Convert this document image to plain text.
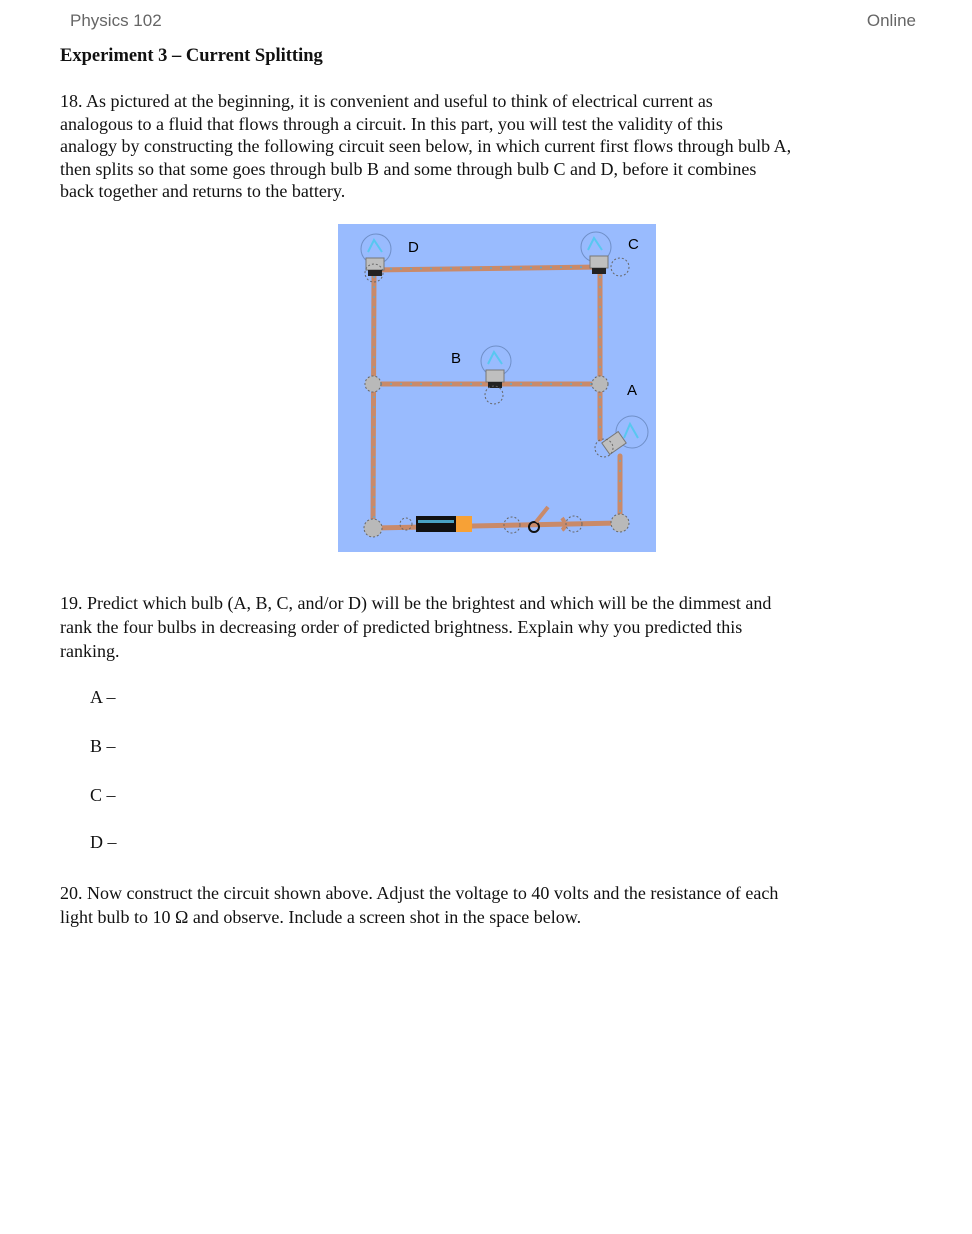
Physics 102	Online
Experiment 3 – Current Splitting

18. As pictured at the beginning, it is convenient and useful to think of electrical current as
analogous to a fluid that flows through a circuit. In this part, you will test the validity of this
analogy by constructing the following circuit seen below, in which current first flows through bulb A,
then splits so that some goes through bulb B and some through bulb C and D, before it combines
back together and returns to the battery.

D	C
B
A

19. Predict which bulb (A, B, C, and/or D) will be the brightest and which will be the dimmest and
rank the four bulbs in decreasing order of predicted brightness. Explain why you predicted this
ranking.

A –
B –
C –
D –

20. Now construct the circuit shown above. Adjust the voltage to 40 volts and the resistance of each
light bulb to 10 Ω and observe. Include a screen shot in the space below.
